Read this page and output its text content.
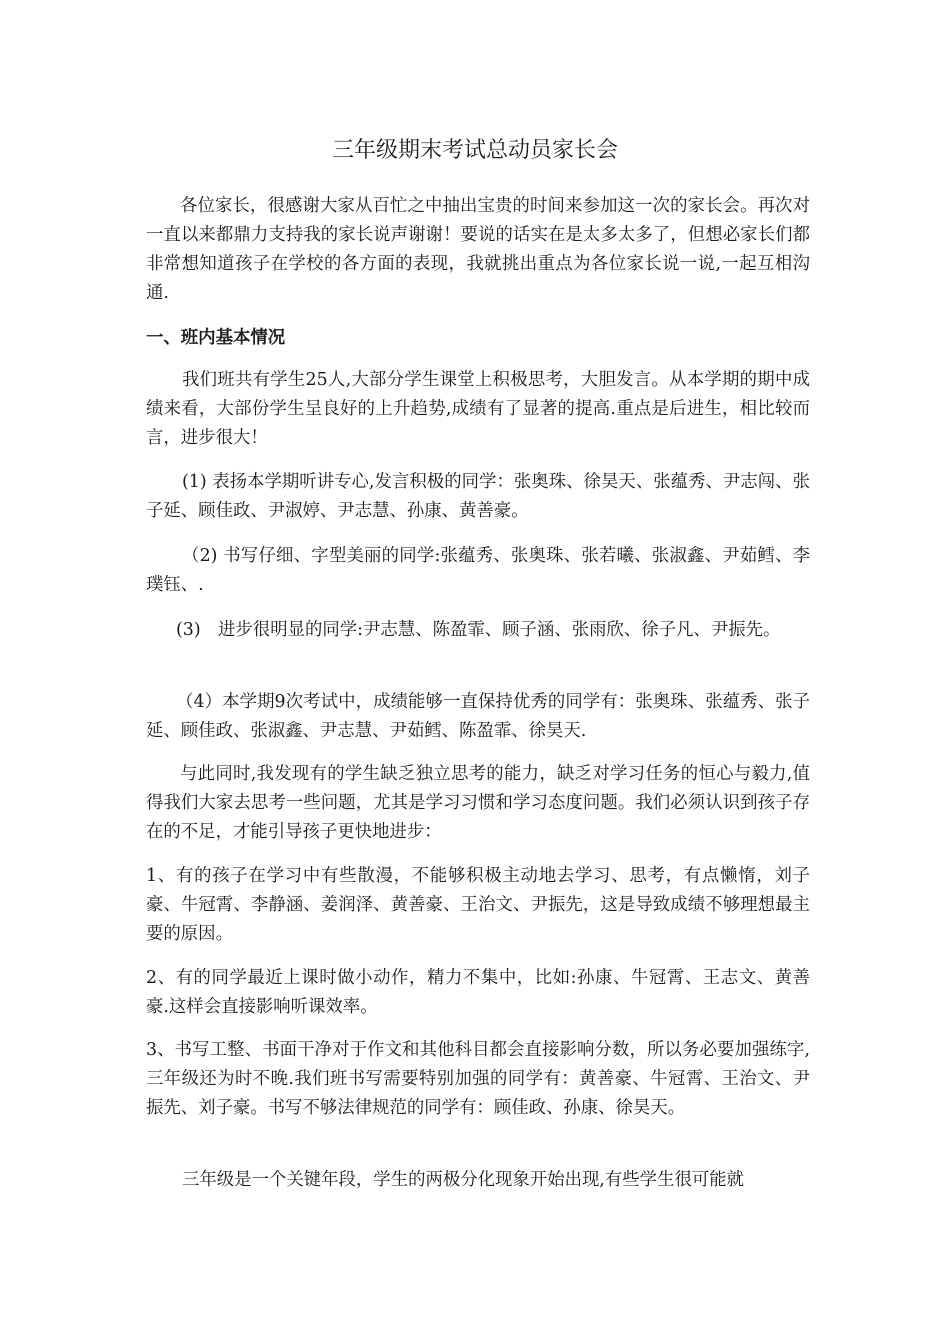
三年级期末考试总动员家长会

各位家长，很感谢大家从百忙之中抽出宝贵的时间来参加这一次的家长会。再次对一直以来都鼎力支持我的家长说声谢谢！要说的话实在是太多太多了，但想必家长们都非常想知道孩子在学校的各方面的表现，我就挑出重点为各位家长说一说,一起互相沟通.

一、班内基本情况

我们班共有学生25人,大部分学生课堂上积极思考，大胆发言。从本学期的期中成绩来看，大部份学生呈良好的上升趋势,成绩有了显著的提高.重点是后进生，相比较而言，进步很大！

(1) 表扬本学期听讲专心,发言积极的同学：张奥珠、徐昊天、张蕴秀、尹志闯、张子延、顾佳政、尹淑婷、尹志慧、孙康、黄善豪。

（2) 书写仔细、字型美丽的同学:张蕴秀、张奥珠、张若曦、张淑鑫、尹茹鳕、李璞钰、.

(3)　进步很明显的同学:尹志慧、陈盈霏、顾子涵、张雨欣、徐子凡、尹振先。

（4）本学期9次考试中，成绩能够一直保持优秀的同学有：张奥珠、张蕴秀、张子延、顾佳政、张淑鑫、尹志慧、尹茹鳕、陈盈霏、徐昊天.

与此同时,我发现有的学生缺乏独立思考的能力，缺乏对学习任务的恒心与毅力,值得我们大家去思考一些问题，尤其是学习习惯和学习态度问题。我们必须认识到孩子存在的不足，才能引导孩子更快地进步：

1、有的孩子在学习中有些散漫，不能够积极主动地去学习、思考，有点懒惰，刘子豪、牛冠霄、李静涵、姜润泽、黄善豪、王治文、尹振先，这是导致成绩不够理想最主要的原因。

2、有的同学最近上课时做小动作，精力不集中，比如:孙康、牛冠霄、王志文、黄善豪.这样会直接影响听课效率。

3、书写工整、书面干净对于作文和其他科目都会直接影响分数，所以务必要加强练字,三年级还为时不晚.我们班书写需要特别加强的同学有：黄善豪、牛冠霄、王治文、尹振先、刘子豪。书写不够法律规范的同学有：顾佳政、孙康、徐昊天。

三年级是一个关键年段，学生的两极分化现象开始出现,有些学生很可能就
